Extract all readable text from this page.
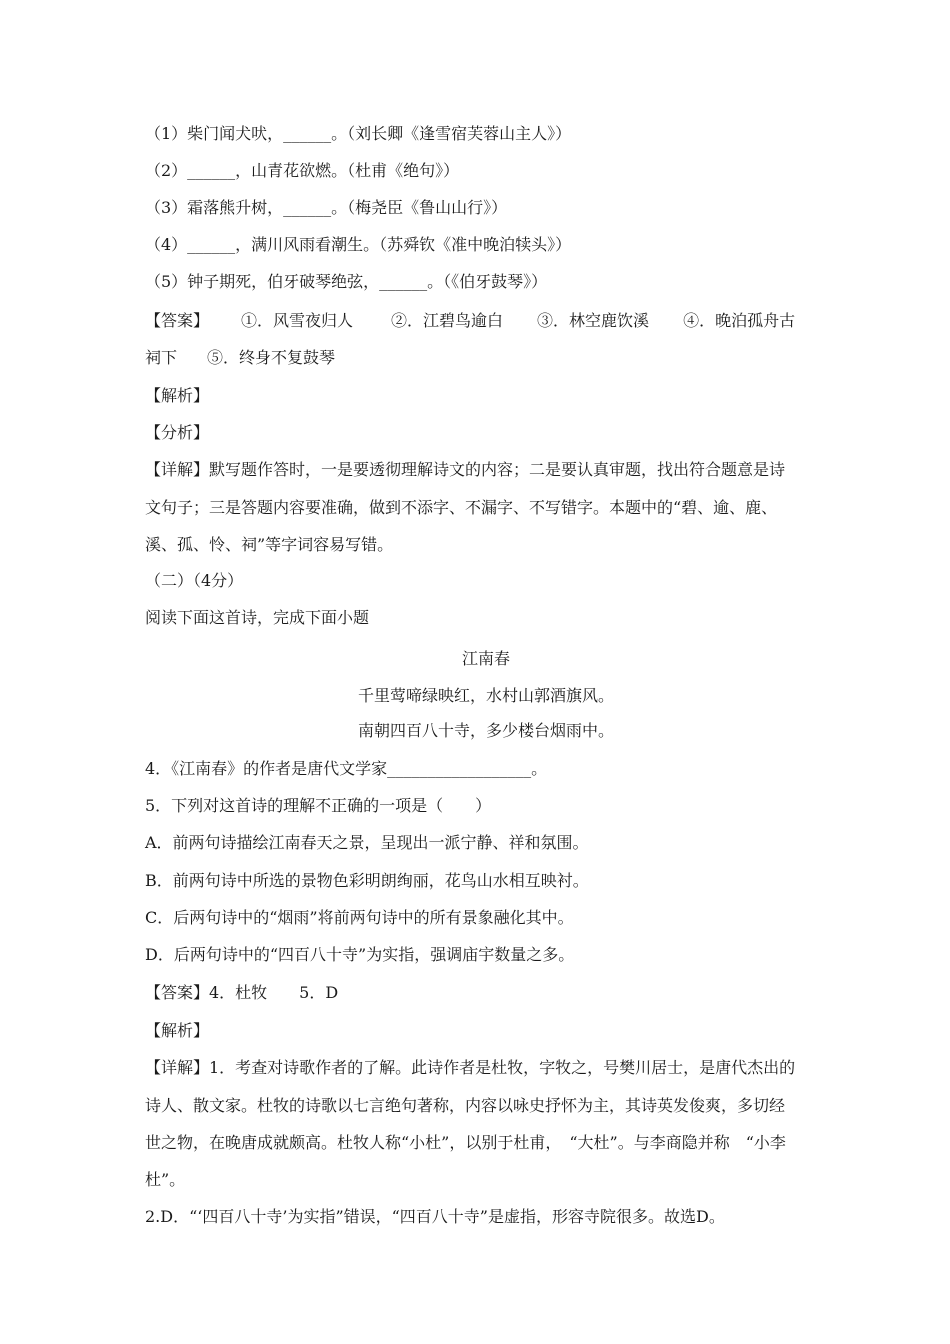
（1）柴门闻犬吠，______。（刘长卿《逢雪宿芙蓉山主人》）
（2）______，山青花欲燃。（杜甫《绝句》）
（3）霜落熊升树，______。（梅尧臣《鲁山山行》）
（4）______，满川风雨看潮生。（苏舜钦《准中晚泊犊头》）
（5）钟子期死，伯牙破琴绝弦，______。（《伯牙鼓琴》）
【答案】 ①．风雪夜归人 ②．江碧鸟逾白 ③．林空鹿饮溪 ④．晚泊孤舟古
祠下 ⑤．终身不复鼓琴
【解析】
【分析】
【详解】默写题作答时，一是要透彻理解诗文的内容；二是要认真审题，找出符合题意是诗
文句子；三是答题内容要准确，做到不添字、不漏字、不写错字。本题中的“碧、逾、鹿、
溪、孤、怜、祠”等字词容易写错。
（二）（4分）
阅读下面这首诗，完成下面小题
江南春
千里莺啼绿映红，水村山郭酒旗风。
南朝四百八十寺，多少楼台烟雨中。
4．《江南春》的作者是唐代文学家__________________。
5．下列对这首诗的理解不正确的一项是（　　）
A．前两句诗描绘江南春天之景，呈现出一派宁静、祥和氛围。
B．前两句诗中所选的景物色彩明朗绚丽，花鸟山水相互映衬。
C．后两句诗中的“烟雨”将前两句诗中的所有景象融化其中。
D．后两句诗中的“四百八十寺”为实指，强调庙宇数量之多。
【答案】4．杜牧　　5．D
【解析】
【详解】1．考查对诗歌作者的了解。此诗作者是杜牧，字牧之，号樊川居士，是唐代杰出的
诗人、散文家。杜牧的诗歌以七言绝句著称，内容以咏史抒怀为主，其诗英发俊爽，多切经
世之物，在晚唐成就颇高。杜牧人称“小杜”，以别于杜甫，　“大杜”。与李商隐并称　“小李
杜”。
2.D．“‘四百八十寺’为实指”错误，“四百八十寺”是虚指，形容寺院很多。故选D。
